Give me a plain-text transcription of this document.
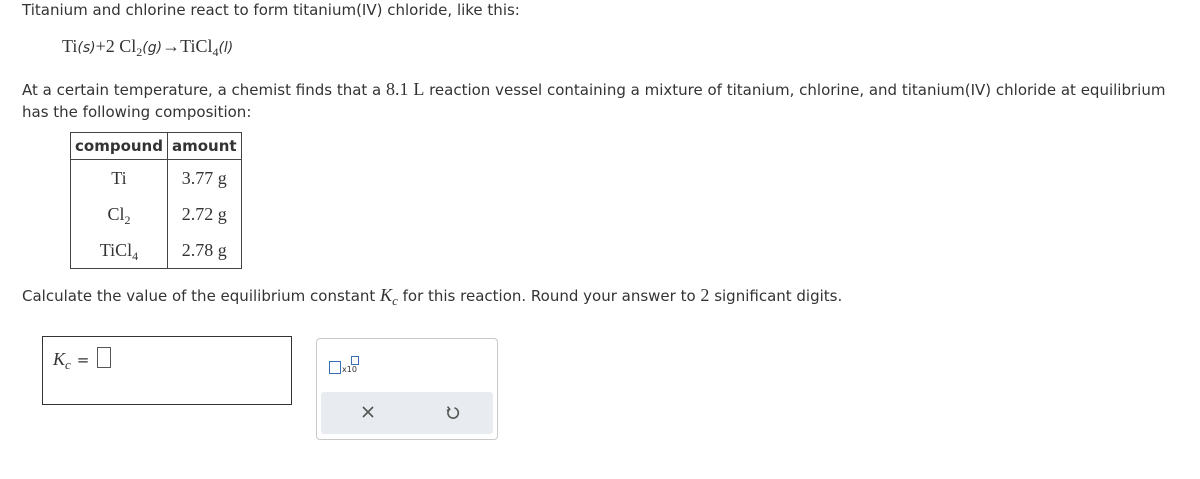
Titanium and chlorine react to form titanium(IV) chloride, like this:
Ti(s)+2 $Cl_2(g)\to TiCl_4(l)$
At a certain temperature, a chemist finds that a 8.1 L reaction vessel containing a mixture of titanium, chlorine, and titanium(IV) chloride at equilibrium has the following composition:
compound	amount
Ti	3.77 g
$Cl_2$	2.72 g
TiCl$_4$	2.78 g
Calculate the value of the equilibrium constant $K_c$ for this reaction. Round your answer to 2 significant digits.
$K_c$ =
x10
